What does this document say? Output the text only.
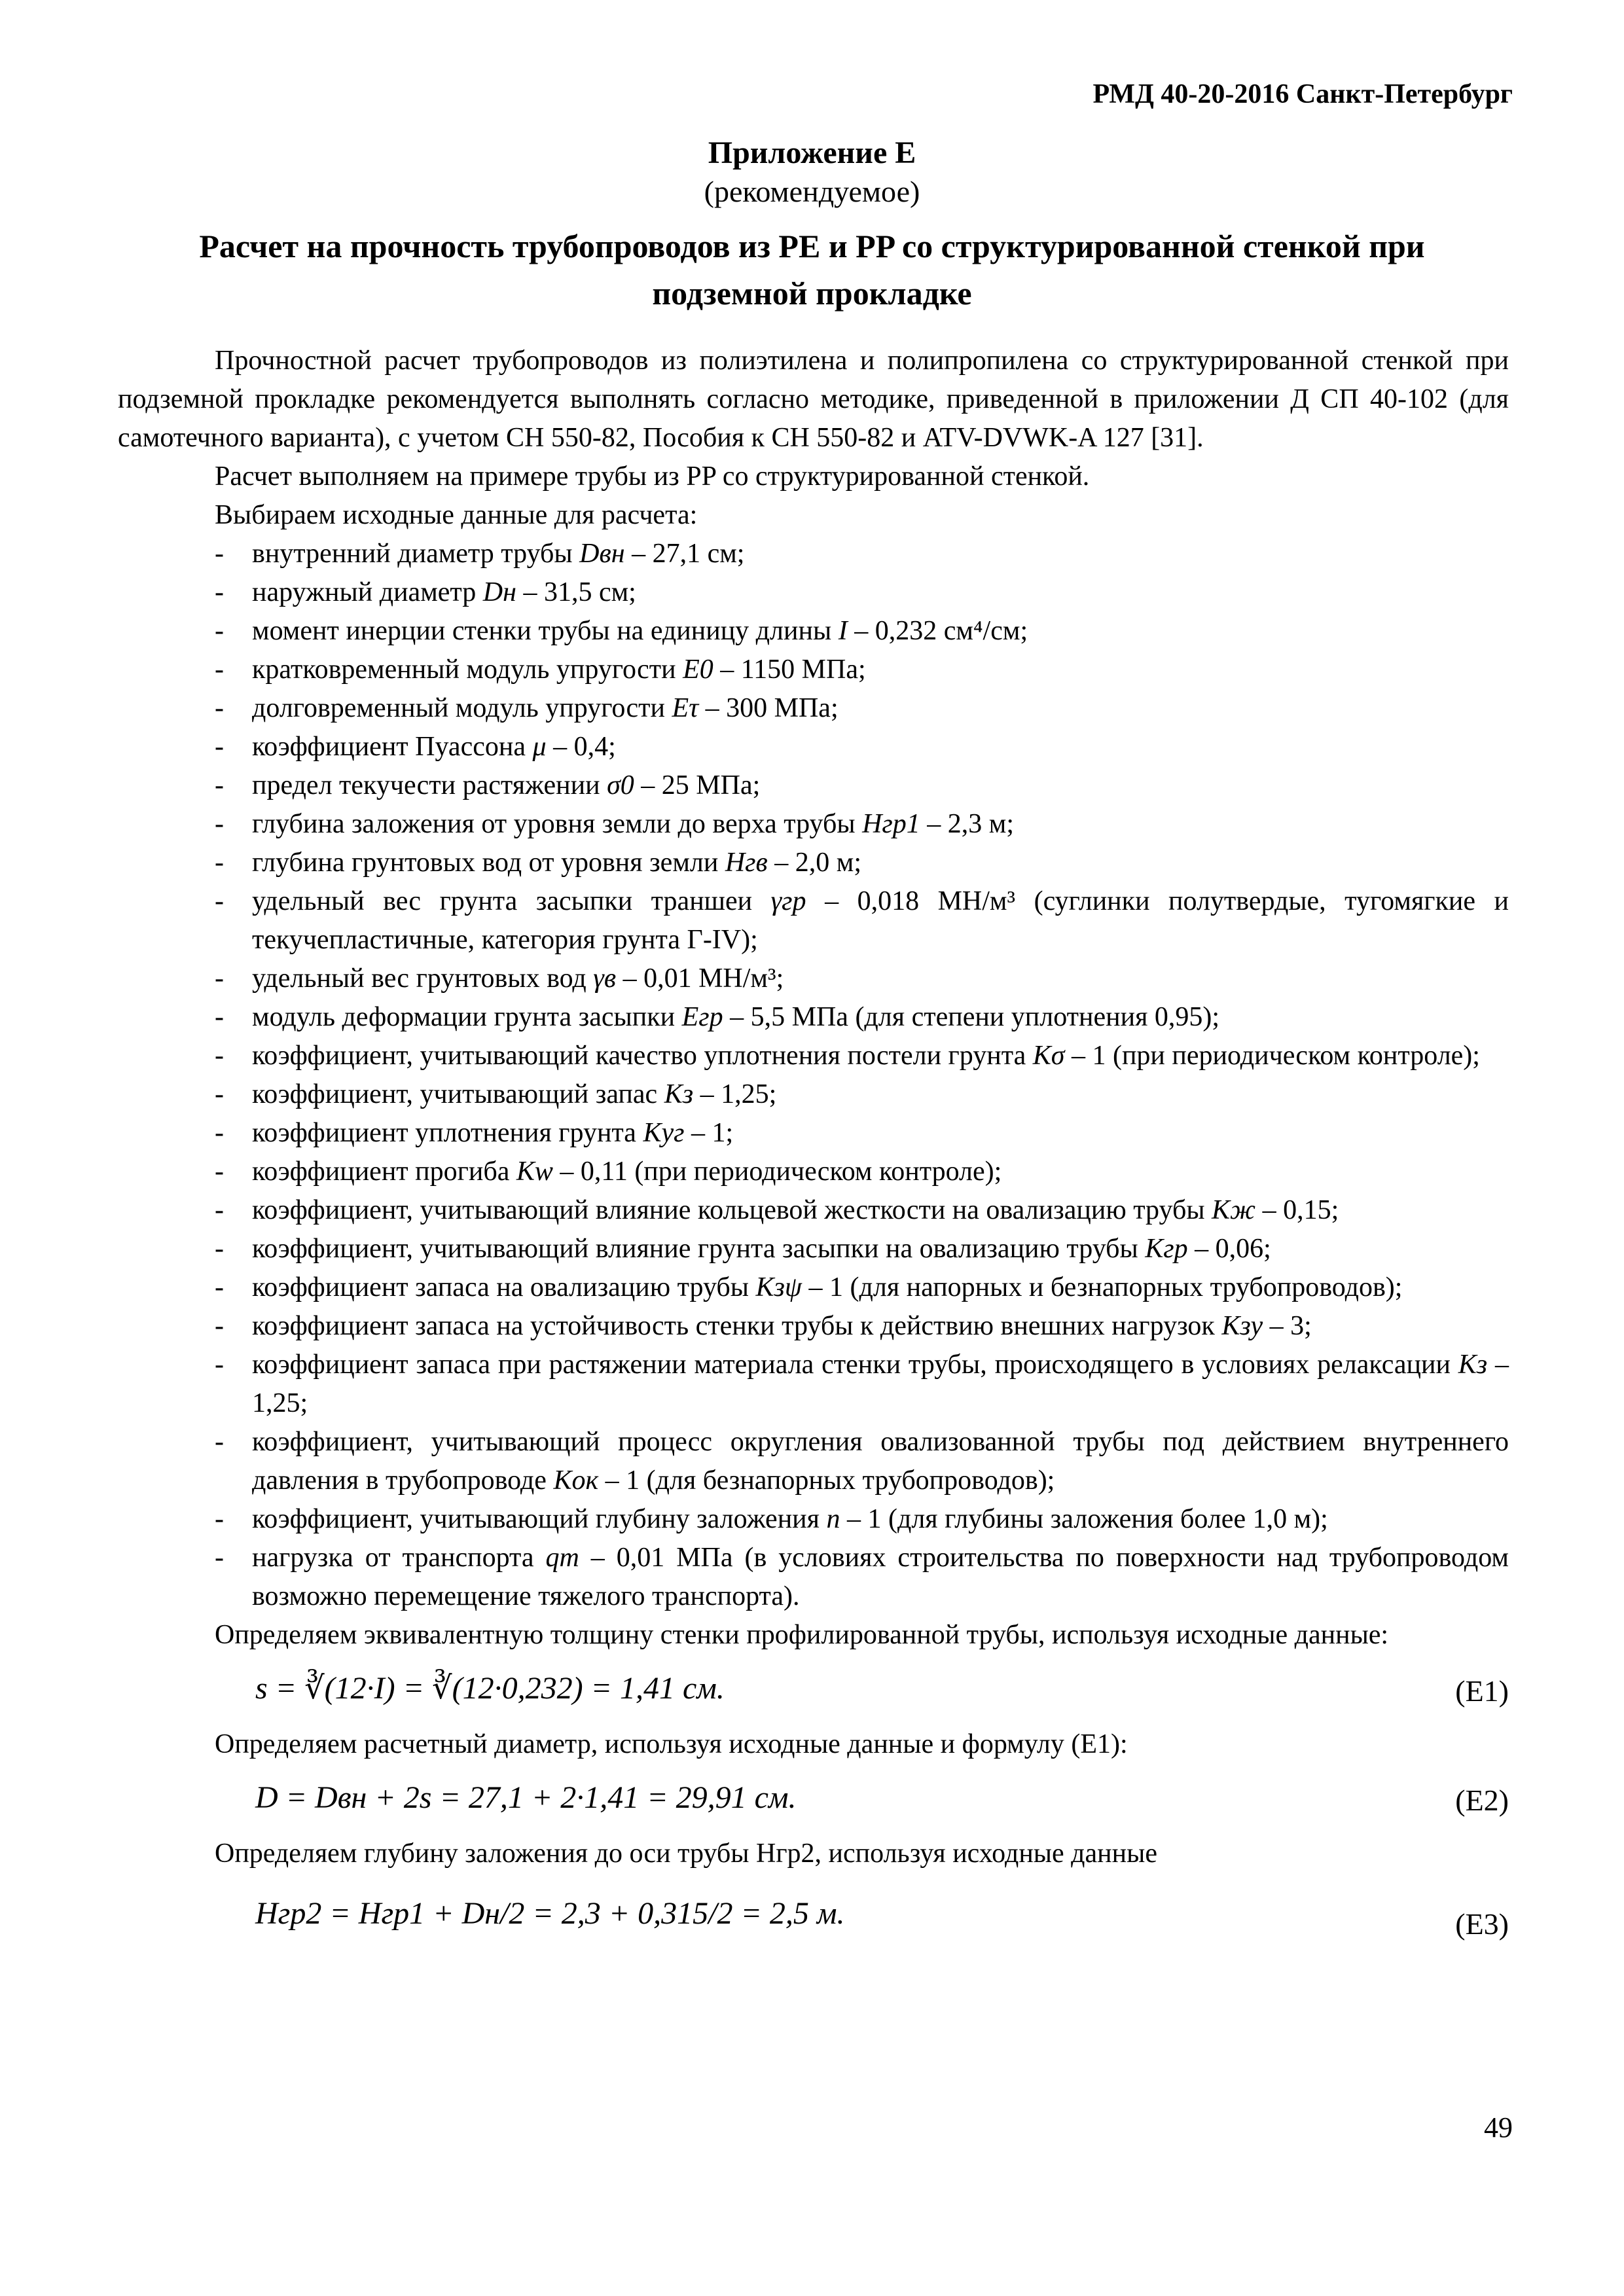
РМД 40-20-2016 Санкт-Петербург
Приложение Е
(рекомендуемое)
Расчет на прочность трубопроводов из PE и PP со структурированной стенкой при подземной прокладке

Прочностной расчет трубопроводов из полиэтилена и полипропилена со структурированной стенкой при подземной прокладке рекомендуется выполнять согласно методике, приведенной в приложении Д СП 40-102 (для самотечного варианта), с учетом СН 550-82, Пособия к СН 550-82 и ATV-DVWK-A 127 [31].

Расчет выполняем на примере трубы из PP со структурированной стенкой.

Выбираем исходные данные для расчета:

- внутренний диаметр трубы Dвн – 27,1 см;
- наружный диаметр Dн – 31,5 см;
- момент инерции стенки трубы на единицу длины I – 0,232 см⁴/см;
- кратковременный модуль упругости E0 – 1150 МПа;
- долговременный модуль упругости Eτ – 300 МПа;
- коэффициент Пуассона μ – 0,4;
- предел текучести растяжении σ0 – 25 МПа;
- глубина заложения от уровня земли до верха трубы Hгр1 – 2,3 м;
- глубина грунтовых вод от уровня земли Hгв – 2,0 м;
- удельный вес грунта засыпки траншеи γгр – 0,018 МН/м³ (суглинки полутвердые, тугомягкие и текучепластичные, категория грунта Г-IV);
- удельный вес грунтовых вод γв – 0,01 МН/м³;
- модуль деформации грунта засыпки Eгр – 5,5 МПа (для степени уплотнения 0,95);
- коэффициент, учитывающий качество уплотнения постели грунта Kσ – 1 (при периодическом контроле);
- коэффициент, учитывающий запас Kз – 1,25;
- коэффициент уплотнения грунта Kуг – 1;
- коэффициент прогиба Kw – 0,11 (при периодическом контроле);
- коэффициент, учитывающий влияние кольцевой жесткости на овализацию трубы Kж – 0,15;
- коэффициент, учитывающий влияние грунта засыпки на овализацию трубы Kгр – 0,06;
- коэффициент запаса на овализацию трубы Kзψ – 1 (для напорных и безнапорных трубопроводов);
- коэффициент запаса на устойчивость стенки трубы к действию внешних нагрузок Kзу – 3;
- коэффициент запаса при растяжении материала стенки трубы, происходящего в условиях релаксации Kз – 1,25;
- коэффициент, учитывающий процесс округления овализованной трубы под действием внутреннего давления в трубопроводе Kок – 1 (для безнапорных трубопроводов);
- коэффициент, учитывающий глубину заложения n – 1 (для глубины заложения более 1,0 м);
- нагрузка от транспорта qт – 0,01 МПа (в условиях строительства по поверхности над трубопроводом возможно перемещение тяжелого транспорта).

Определяем эквивалентную толщину стенки профилированной трубы, используя исходные данные:

s = ∛(12·I) = ∛(12·0,232) = 1,41 см.	(Е1)

Определяем расчетный диаметр, используя исходные данные и формулу (Е1):

D = Dвн + 2s = 27,1 + 2·1,41 = 29,91 см.	(Е2)

Определяем глубину заложения до оси трубы Hгр2, используя исходные данные

Hгр2 = Hгр1 + Dн/2 = 2,3 + 0,315/2 = 2,5 м.	(Е3)
49
